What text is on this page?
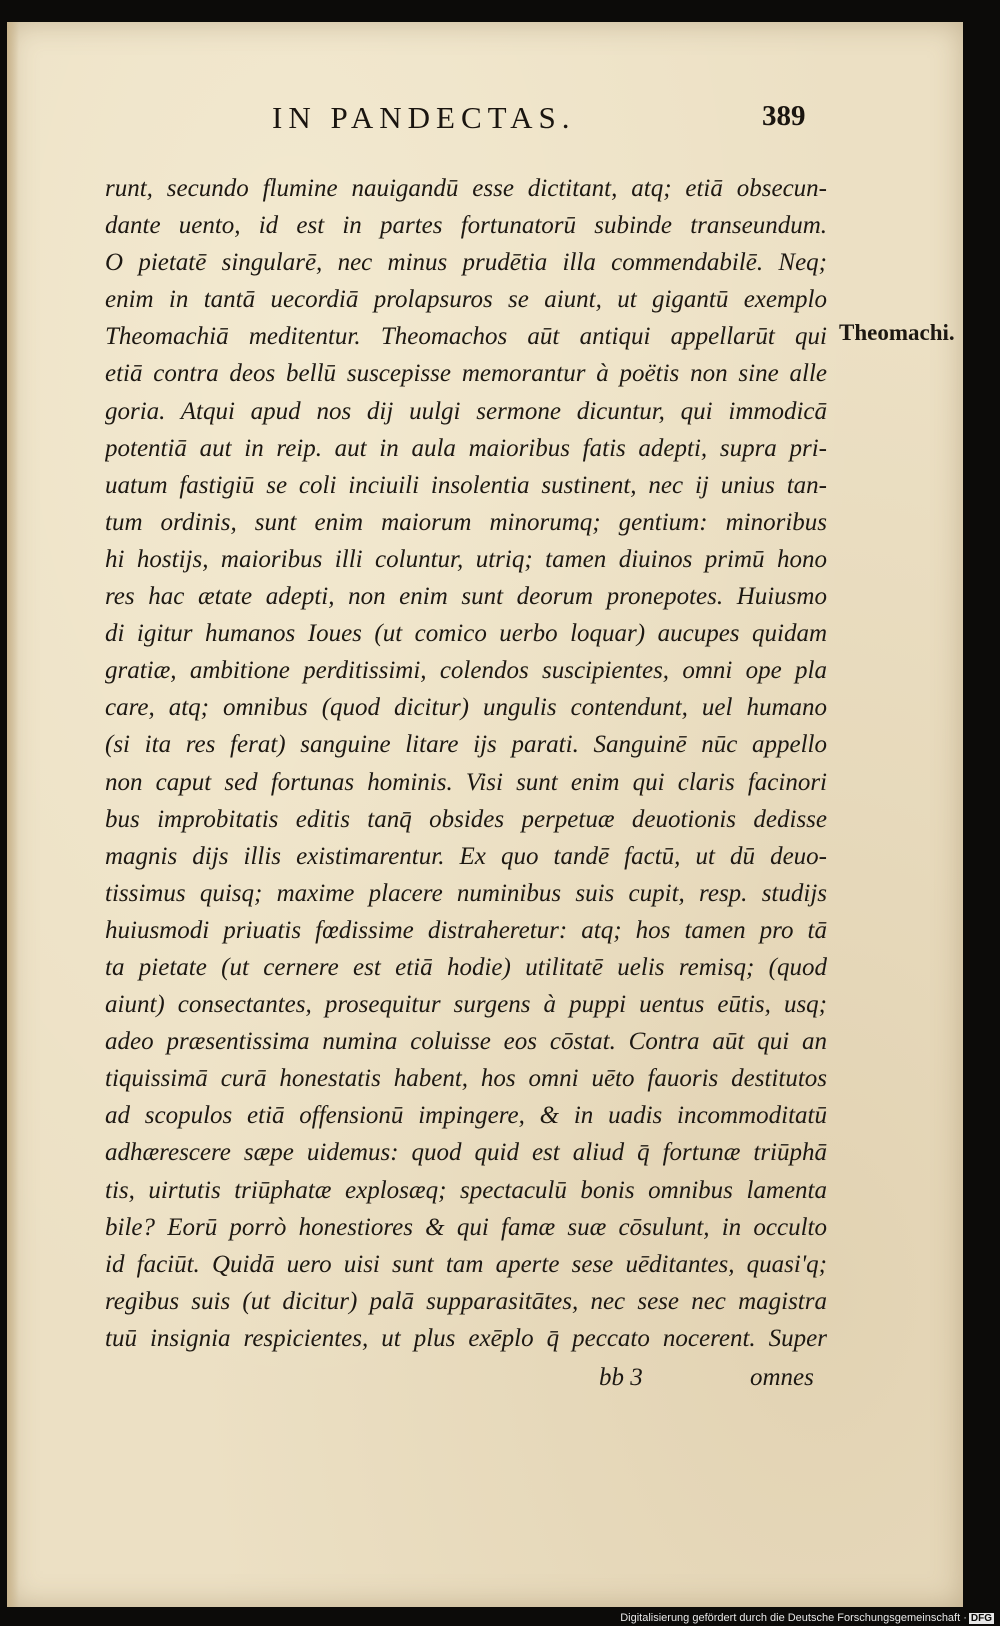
IN PANDECTAS.	389
runt, secundo flumine nauigandū esse dictitant, atq; etiā obsecun-
dante uento, id est in partes fortunatorū subinde transeundum.
O pietatē singularē, nec minus prudētia illa commendabilē. Neq;
enim in tantā uecordiā prolapsuros se aiunt, ut gigantū exemplo
Theomachiā meditentur. Theomachos aūt antiqui appellarūt qui
etiā contra deos bellū suscepisse memorantur à poëtis non sine alle
goria. Atqui apud nos dij uulgi sermone dicuntur, qui immodicā
potentiā aut in reip. aut in aula maioribus fatis adepti, supra pri-
uatum fastigiū se coli inciuili insolentia sustinent, nec ij unius tan-
tum ordinis, sunt enim maiorum minorumq; gentium: minoribus
hi hostijs, maioribus illi coluntur, utriq; tamen diuinos primū hono
res hac ætate adepti, non enim sunt deorum pronepotes. Huiusmo
di igitur humanos Ioues (ut comico uerbo loquar) aucupes quidam
gratiæ, ambitione perditissimi, colendos suscipientes, omni ope pla
care, atq; omnibus (quod dicitur) ungulis contendunt, uel humano
(si ita res ferat) sanguine litare ijs parati. Sanguinē nūc appello
non caput sed fortunas hominis. Visi sunt enim qui claris facinori
bus improbitatis editis tanq̄ obsides perpetuæ deuotionis dedisse
magnis dijs illis existimarentur. Ex quo tandē factū, ut dū deuo-
tissimus quisq; maxime placere numinibus suis cupit, resp. studijs
huiusmodi priuatis fœdissime distraheretur: atq; hos tamen pro tā
ta pietate (ut cernere est etiā hodie) utilitatē uelis remisq; (quod
aiunt) consectantes, prosequitur surgens à puppi uentus eūtis, usq;
adeo præsentissima numina coluisse eos cōstat. Contra aūt qui an
tiquissimā curā honestatis habent, hos omni uēto fauoris destitutos
ad scopulos etiā offensionū impingere, & in uadis incommoditatū
adhærescere sæpe uidemus: quod quid est aliud q̄ fortunæ triūphā
tis, uirtutis triūphatæ explosæq; spectaculū bonis omnibus lamenta
bile? Eorū porrò honestiores & qui famæ suæ cōsulunt, in occulto
id faciūt. Quidā uero uisi sunt tam aperte sese uēditantes, quasi'q;
regibus suis (ut dicitur) palā supparasitātes, nec sese nec magistra
tuū insignia respicientes, ut plus exēplo q̄ peccato nocerent. Super
Theomachi.
bb 3	omnes
Digitalisierung gefördert durch die Deutsche Forschungsgemeinschaft · DFG
